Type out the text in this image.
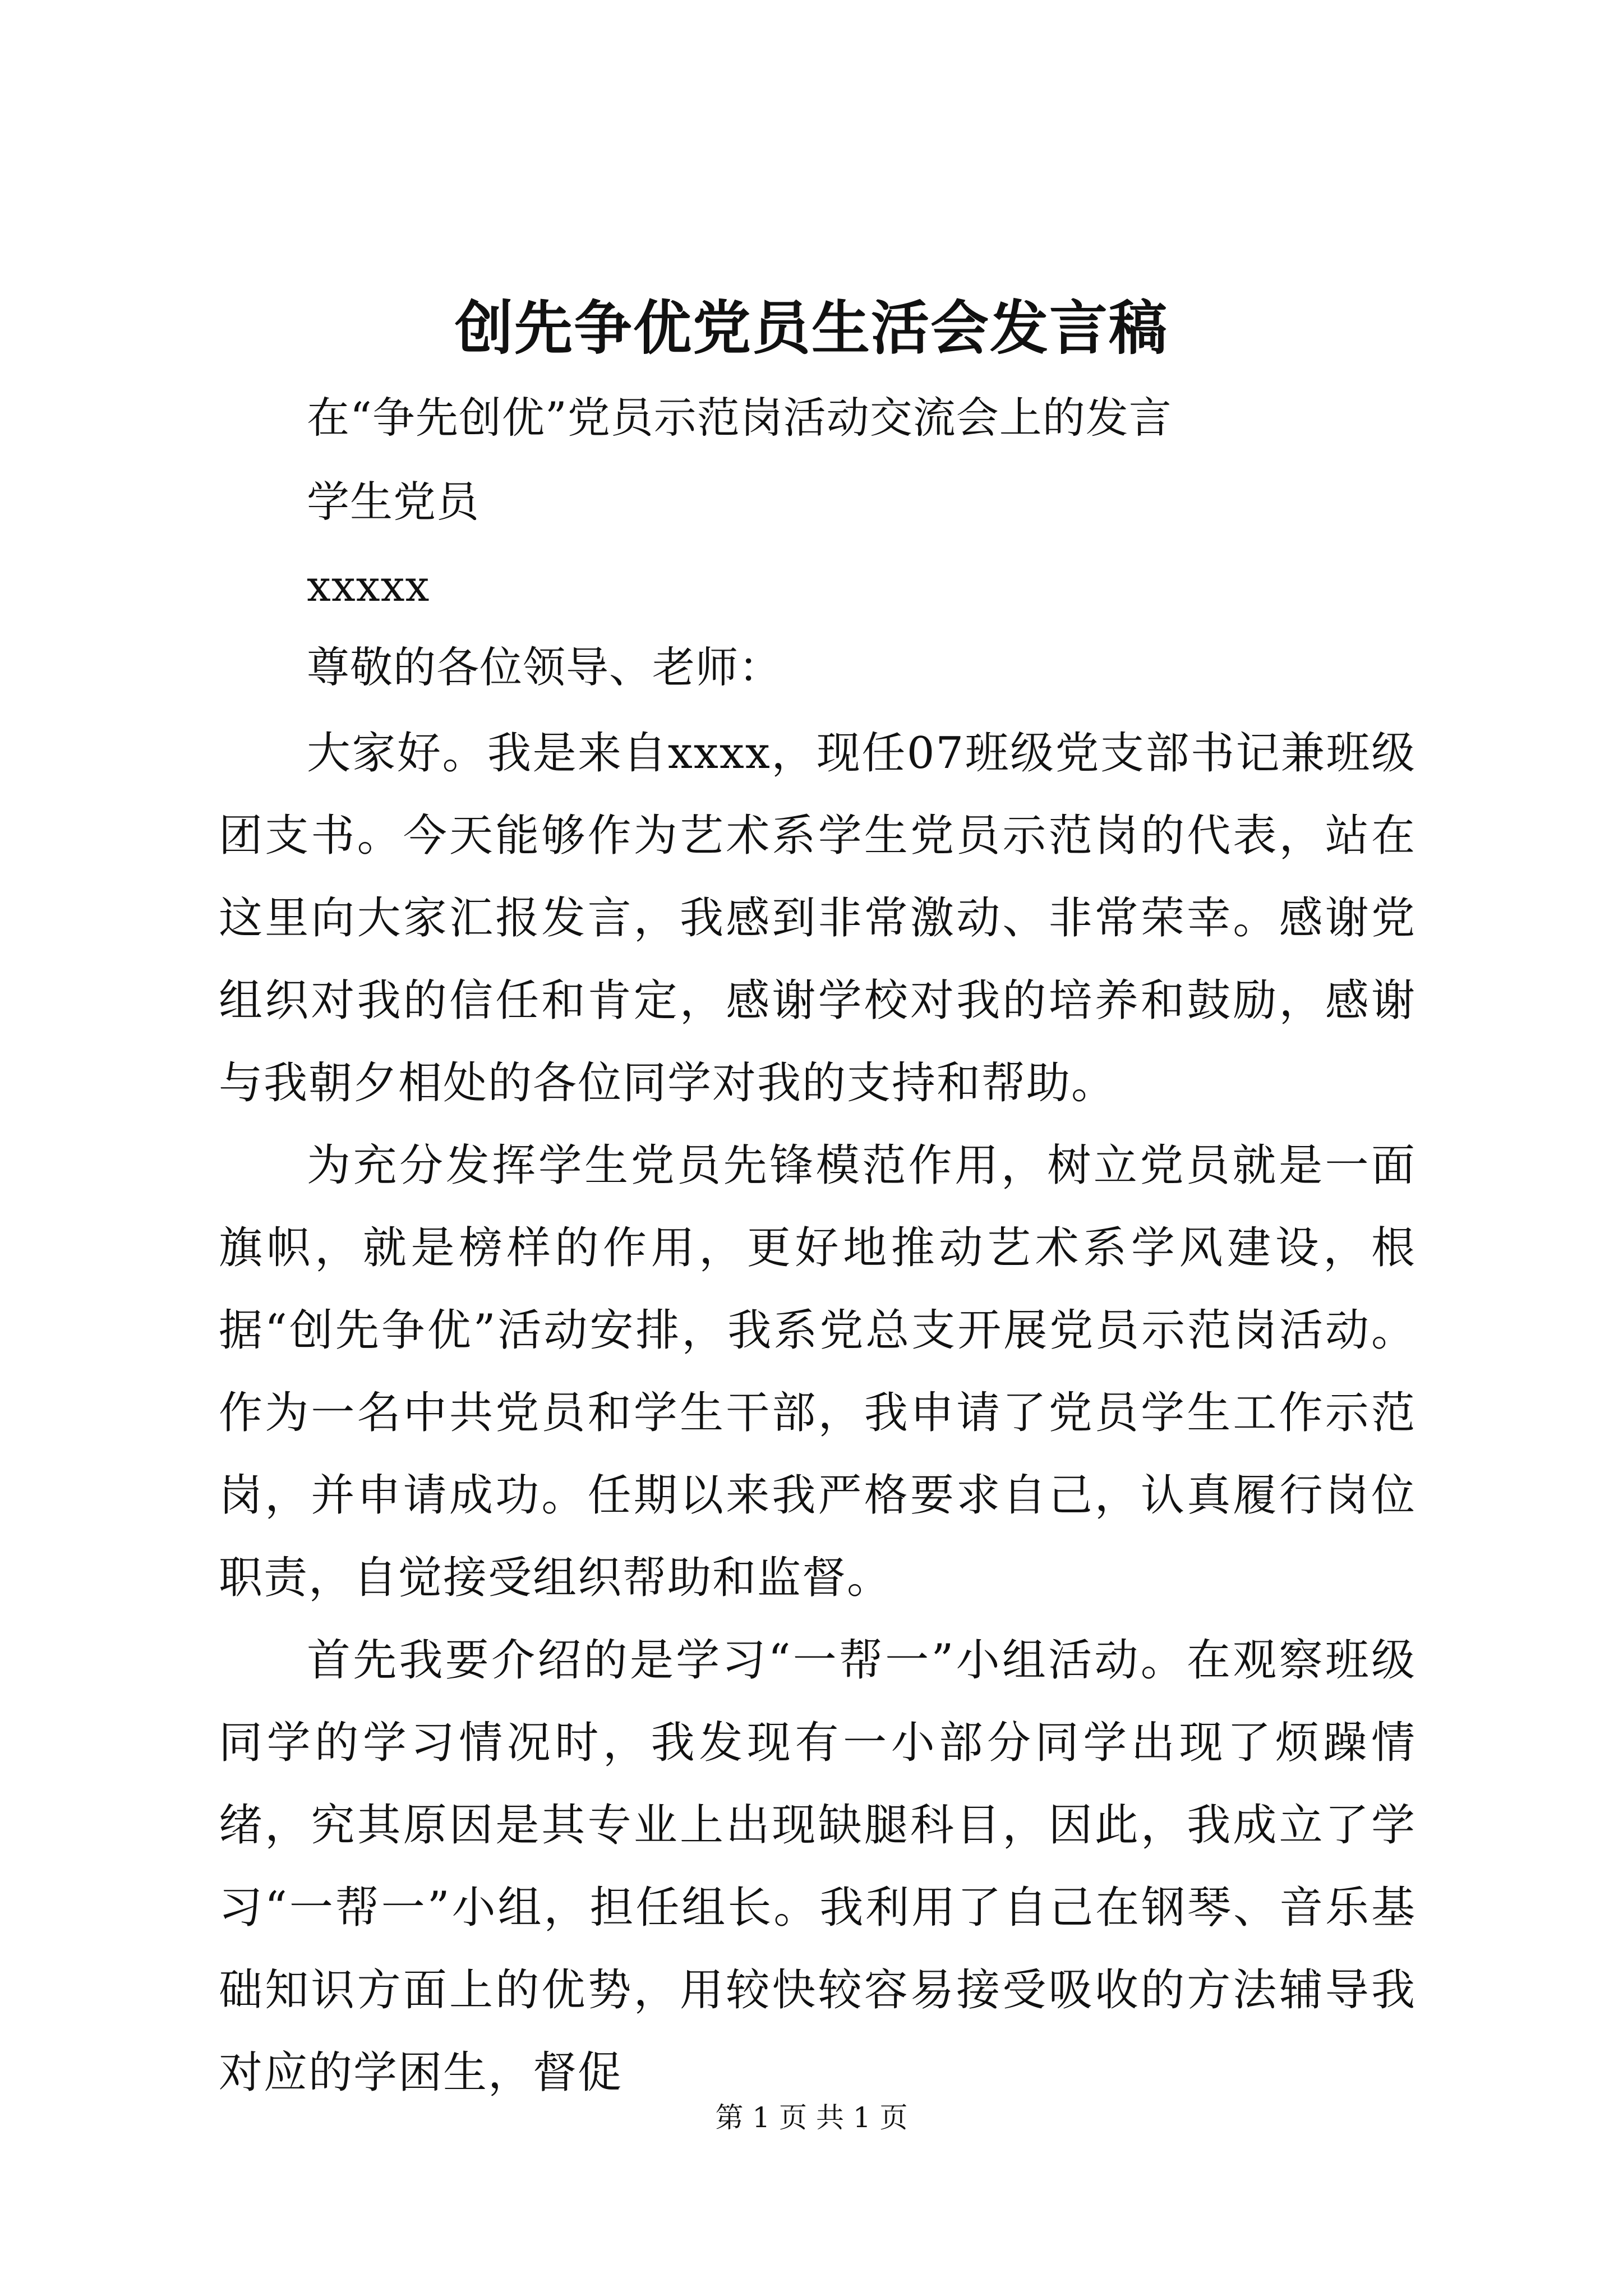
创先争优党员生活会发言稿
在“争先创优”党员示范岗活动交流会上的发言
学生党员
xxxxx
尊敬的各位领导、老师：

大家好。我是来自xxxx，现任07班级党支部书记兼班级团支书。今天能够作为艺术系学生党员示范岗的代表，站在这里向大家汇报发言，我感到非常激动、非常荣幸。感谢党组织对我的信任和肯定，感谢学校对我的培养和鼓励，感谢与我朝夕相处的各位同学对我的支持和帮助。

为充分发挥学生党员先锋模范作用，树立党员就是一面旗帜，就是榜样的作用，更好地推动艺术系学风建设，根据“创先争优”活动安排，我系党总支开展党员示范岗活动。作为一名中共党员和学生干部，我申请了党员学生工作示范岗，并申请成功。任期以来我严格要求自己，认真履行岗位职责，自觉接受组织帮助和监督。

首先我要介绍的是学习“一帮一”小组活动。在观察班级同学的学习情况时，我发现有一小部分同学出现了烦躁情绪，究其原因是其专业上出现缺腿科目，因此，我成立了学习“一帮一”小组，担任组长。我利用了自己在钢琴、音乐基础知识方面上的优势，用较快较容易接受吸收的方法辅导我对应的学困生，督促

第 1 页 共 1 页
